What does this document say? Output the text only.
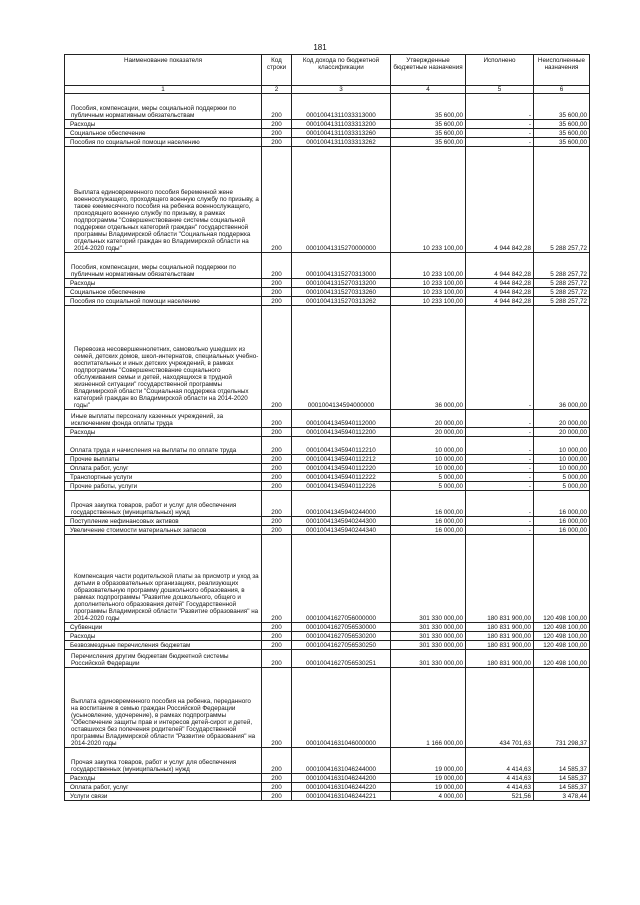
181
Наименование показателя	Код строки	Код дохода по бюджетной классификации	Утвержденные бюджетные назначения	Исполнено	Неисполненные назначения
1	2	3	4	5	6
Пособия, компенсации, меры социальной поддержки по публичным нормативным обязательствам	200	00010041311033313000	35 600,00	-	35 600,00
Расходы	200	00010041311033313200	35 600,00	-	35 600,00
Социальное обеспечение	200	00010041311033313260	35 600,00	-	35 600,00
Пособия по социальной помощи населению	200	00010041311033313262	35 600,00	-	35 600,00
Выплата единовременного пособия беременной жене военнослужащего, проходящего военную службу по призыву, а также ежемесячного пособия на ребенка военнослужащего, проходящего военную службу по призыву, в рамках подпрограммы "Совершенствование системы социальной поддержки отдельных категорий граждан" государственной программы Владимирской области "Социальная поддержка отдельных категорий граждан во Владимирской области на 2014-2020 годы"	200	00010041315270000000	10 233 100,00	4 944 842,28	5 288 257,72
Пособия, компенсации, меры социальной поддержки по публичным нормативным обязательствам	200	00010041315270313000	10 233 100,00	4 944 842,28	5 288 257,72
Расходы	200	00010041315270313200	10 233 100,00	4 944 842,28	5 288 257,72
Социальное обеспечение	200	00010041315270313260	10 233 100,00	4 944 842,28	5 288 257,72
Пособия по социальной помощи населению	200	00010041315270313262	10 233 100,00	4 944 842,28	5 288 257,72
Перевозка несовершеннолетних, самовольно ушедших из семей, детских домов, школ-интернатов, специальных учебно-воспитательных и иных детских учреждений, в рамках подпрограммы "Совершенствование социального обслуживания семьи и детей, находящихся в трудной жизненной ситуации" государственной программы Владимирской области "Социальная поддержка отдельных категорий граждан во Владимирской области на 2014-2020 годы"	200	0001004134594000000	36 000,00	-	36 000,00
Иные выплаты персоналу казенных учреждений, за исключением фонда оплаты труда	200	00010041345940112000	20 000,00	-	20 000,00
Расходы	200	00010041345940112200	20 000,00	-	20 000,00
Оплата труда и начисления на выплаты по оплате труда	200	00010041345940112210	10 000,00	-	10 000,00
Прочие выплаты	200	00010041345940112212	10 000,00	-	10 000,00
Оплата работ, услуг	200	00010041345940112220	10 000,00	-	10 000,00
Транспортные услуги	200	00010041345940112222	5 000,00	-	5 000,00
Прочие работы, услуги	200	00010041345940112226	5 000,00	-	5 000,00
Прочая закупка товаров, работ и услуг для обеспечения государственных (муниципальных) нужд	200	00010041345940244000	16 000,00	-	16 000,00
Поступление нефинансовых активов	200	00010041345940244300	16 000,00	-	16 000,00
Увеличение стоимости материальных запасов	200	00010041345940244340	16 000,00	-	16 000,00
Компенсация части родительской платы за присмотр и уход за детьми в образовательных организациях, реализующих образовательную программу дошкольного образования, в рамках подпрограммы "Развитие дошкольного, общего и дополнительного образования детей" Государственной программы Владимирской области "Развитие образования" на 2014-2020 годы	200	00010041627056000000	301 330 000,00	180 831 900,00	120 498 100,00
Субвенции	200	00010041627056530000	301 330 000,00	180 831 900,00	120 498 100,00
Расходы	200	00010041627056530200	301 330 000,00	180 831 900,00	120 498 100,00
Безвозмездные перечисления бюджетам	200	00010041627056530250	301 330 000,00	180 831 900,00	120 498 100,00
Перечисления другим бюджетам бюджетной системы Российской Федерации	200	00010041627056530251	301 330 000,00	180 831 900,00	120 498 100,00
Выплата единовременного пособия на ребенка, переданного на воспитание в семью граждан Российской Федерации (усыновление, удочерение), в рамках подпрограммы "Обеспечение защиты прав и интересов детей-сирот и детей, оставшихся без попечения родителей" Государственной программы Владимирской области "Развитие образования" на 2014-2020 годы	200	00010041631046000000	1 166 000,00	434 701,63	731 298,37
Прочая закупка товаров, работ и услуг для обеспечения государственных (муниципальных) нужд	200	00010041631046244000	19 000,00	4 414,63	14 585,37
Расходы	200	00010041631046244200	19 000,00	4 414,63	14 585,37
Оплата работ, услуг	200	00010041631046244220	19 000,00	4 414,63	14 585,37
Услуги связи	200	00010041631046244221	4 000,00	521,56	3 478,44
